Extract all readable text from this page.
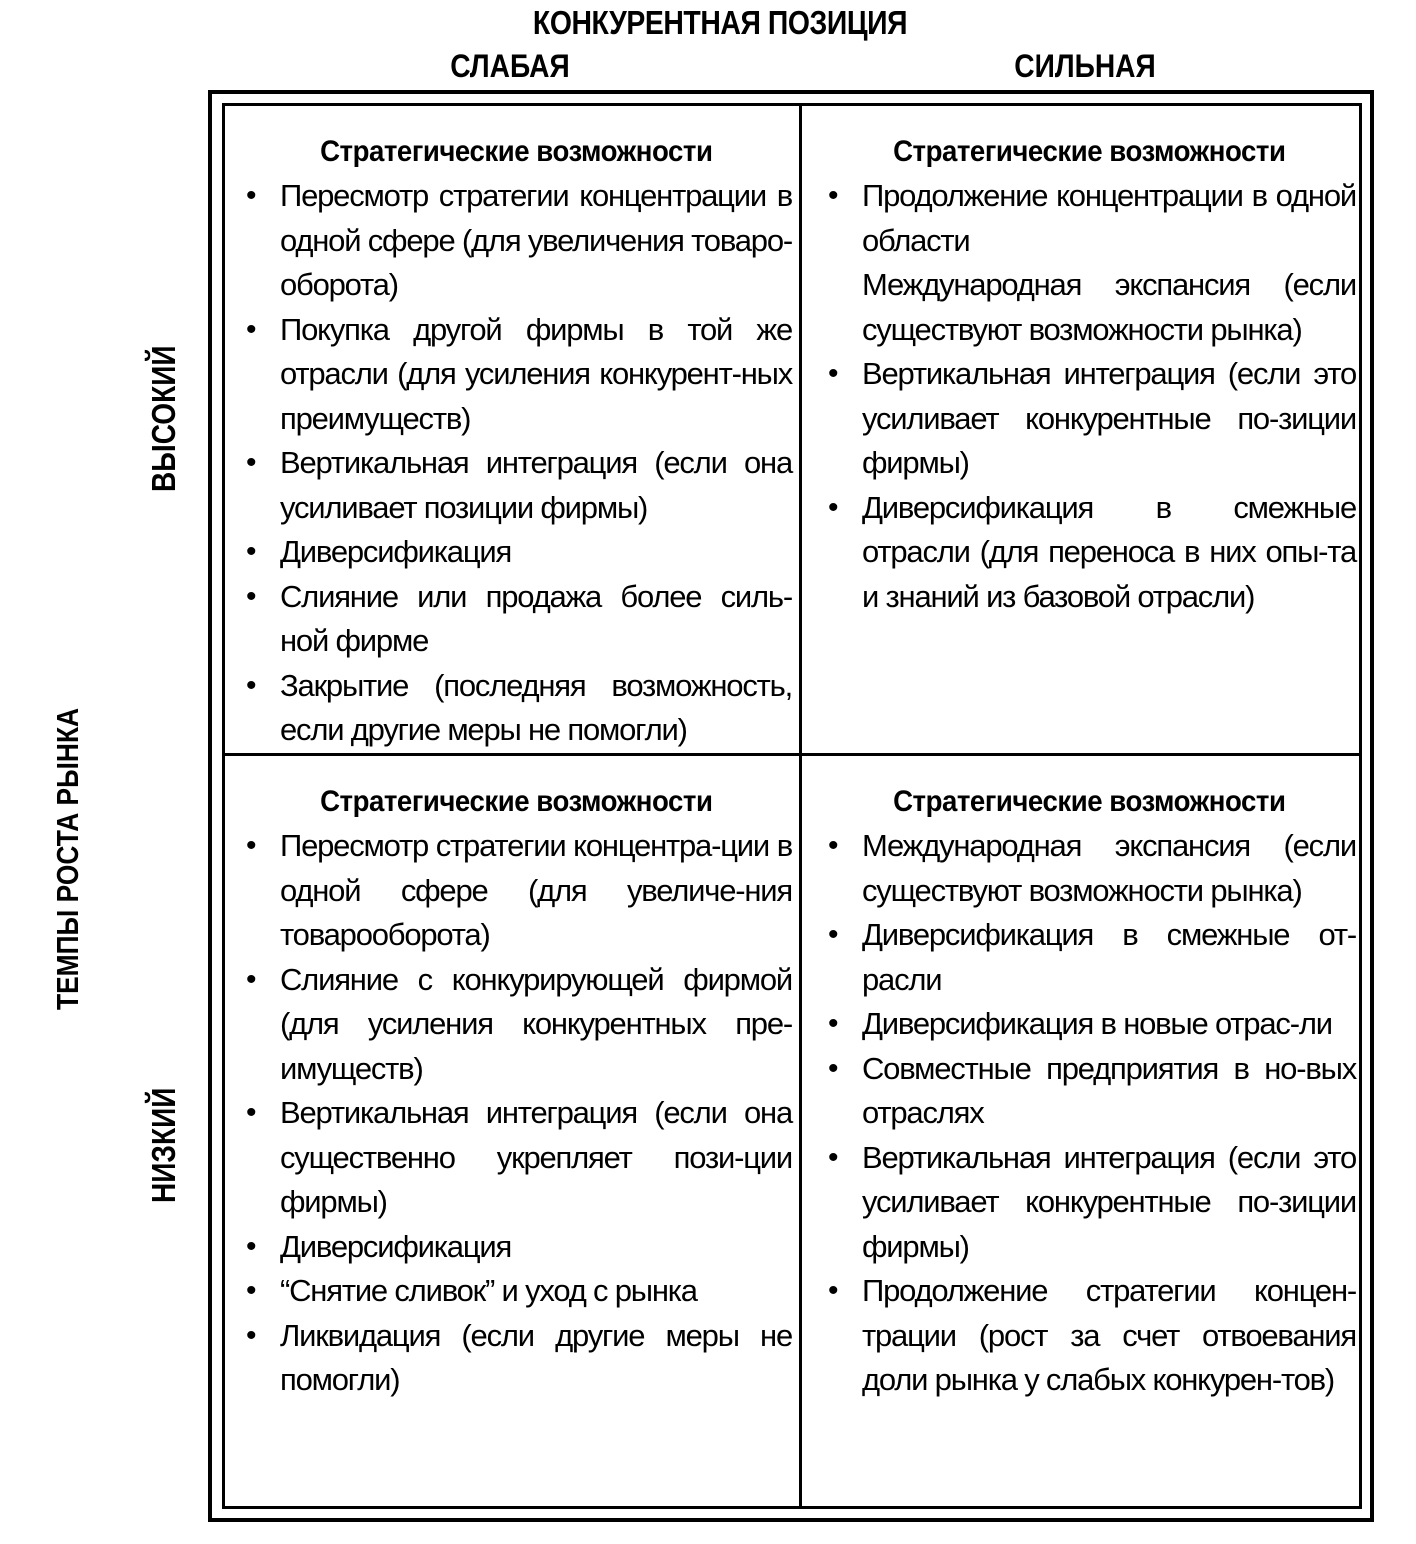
КОНКУРЕНТНАЯ ПОЗИЦИЯ
СЛАБАЯ	СИЛЬНАЯ
ТЕМПЫ РОСТА РЫНКА
ВЫСОКИЙ
НИЗКИЙ
Стратегические возможности
• Пересмотр стратегии концентрации в одной сфере (для увеличения товаро-оборота)
• Покупка другой фирмы в той же отрасли (для усиления конкурент-ных преимуществ)
• Вертикальная интеграция (если она усиливает позиции фирмы)
• Диверсификация
• Слияние или продажа более силь-ной фирме
• Закрытие (последняя возможность, если другие меры не помогли)
Стратегические возможности
• Продолжение концентрации в одной области
Международная экспансия (если существуют возможности рынка)
• Вертикальная интеграция (если это усиливает конкурентные по-зиции фирмы)
• Диверсификация в смежные отрасли (для переноса в них опы-та и знаний из базовой отрасли)
Стратегические возможности
• Пересмотр стратегии концентра-ции в одной сфере (для увеличе-ния товарооборота)
• Слияние с конкурирующей фирмой (для усиления конкурентных пре-имуществ)
• Вертикальная интеграция (если она существенно укрепляет пози-ции фирмы)
• Диверсификация
• “Снятие сливок” и уход с рынка
• Ликвидация (если другие меры не помогли)
Стратегические возможности
• Международная экспансия (если существуют возможности рынка)
• Диверсификация в смежные от-расли
• Диверсификация в новые отрас-ли
• Совместные предприятия в но-вых отраслях
• Вертикальная интеграция (если это усиливает конкурентные по-зиции фирмы)
• Продолжение стратегии концен-трации (рост за счет отвоевания доли рынка у слабых конкурен-тов)
